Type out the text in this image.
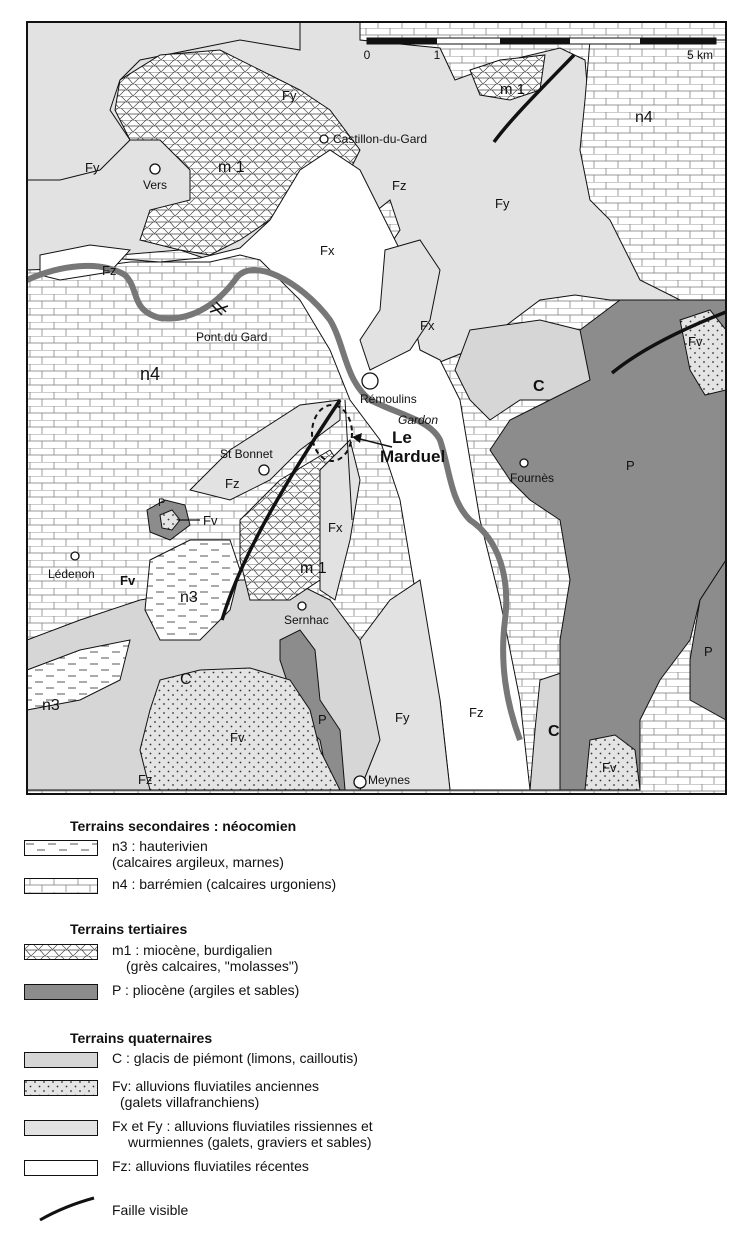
0	1	5 km
Fy
Fy
Fy
Fy
m 1
m 1
m 1
n4
n4
Fz
Fz
Fz
Fz
Fz
Fx
Fx
Fx
Fv
Fv
Fv
Fv
Fv
C
C
C
P
P
P
P
n3
n3
Castillon-du-Gard
Vers
Pont du Gard
Rémoulins
Gardon
St Bonnet
Le
Marduel
Fournès
Lédenon
Sernhac
Meynes
Terrains secondaires : néocomien
n3 : hauterivien
(calcaires argileux, marnes)
n4 : barrémien (calcaires urgoniens)
Terrains tertiaires
m1 : miocène, burdigalien
(grès calcaires, "molasses")
P : pliocène (argiles et sables)
Terrains quaternaires
C : glacis de piémont (limons, cailloutis)
Fv: alluvions fluviatiles anciennes
(galets villafranchiens)
Fx et Fy : alluvions fluviatiles rissiennes et
wurmiennes (galets, graviers et sables)
Fz: alluvions fluviatiles récentes
Faille visible
